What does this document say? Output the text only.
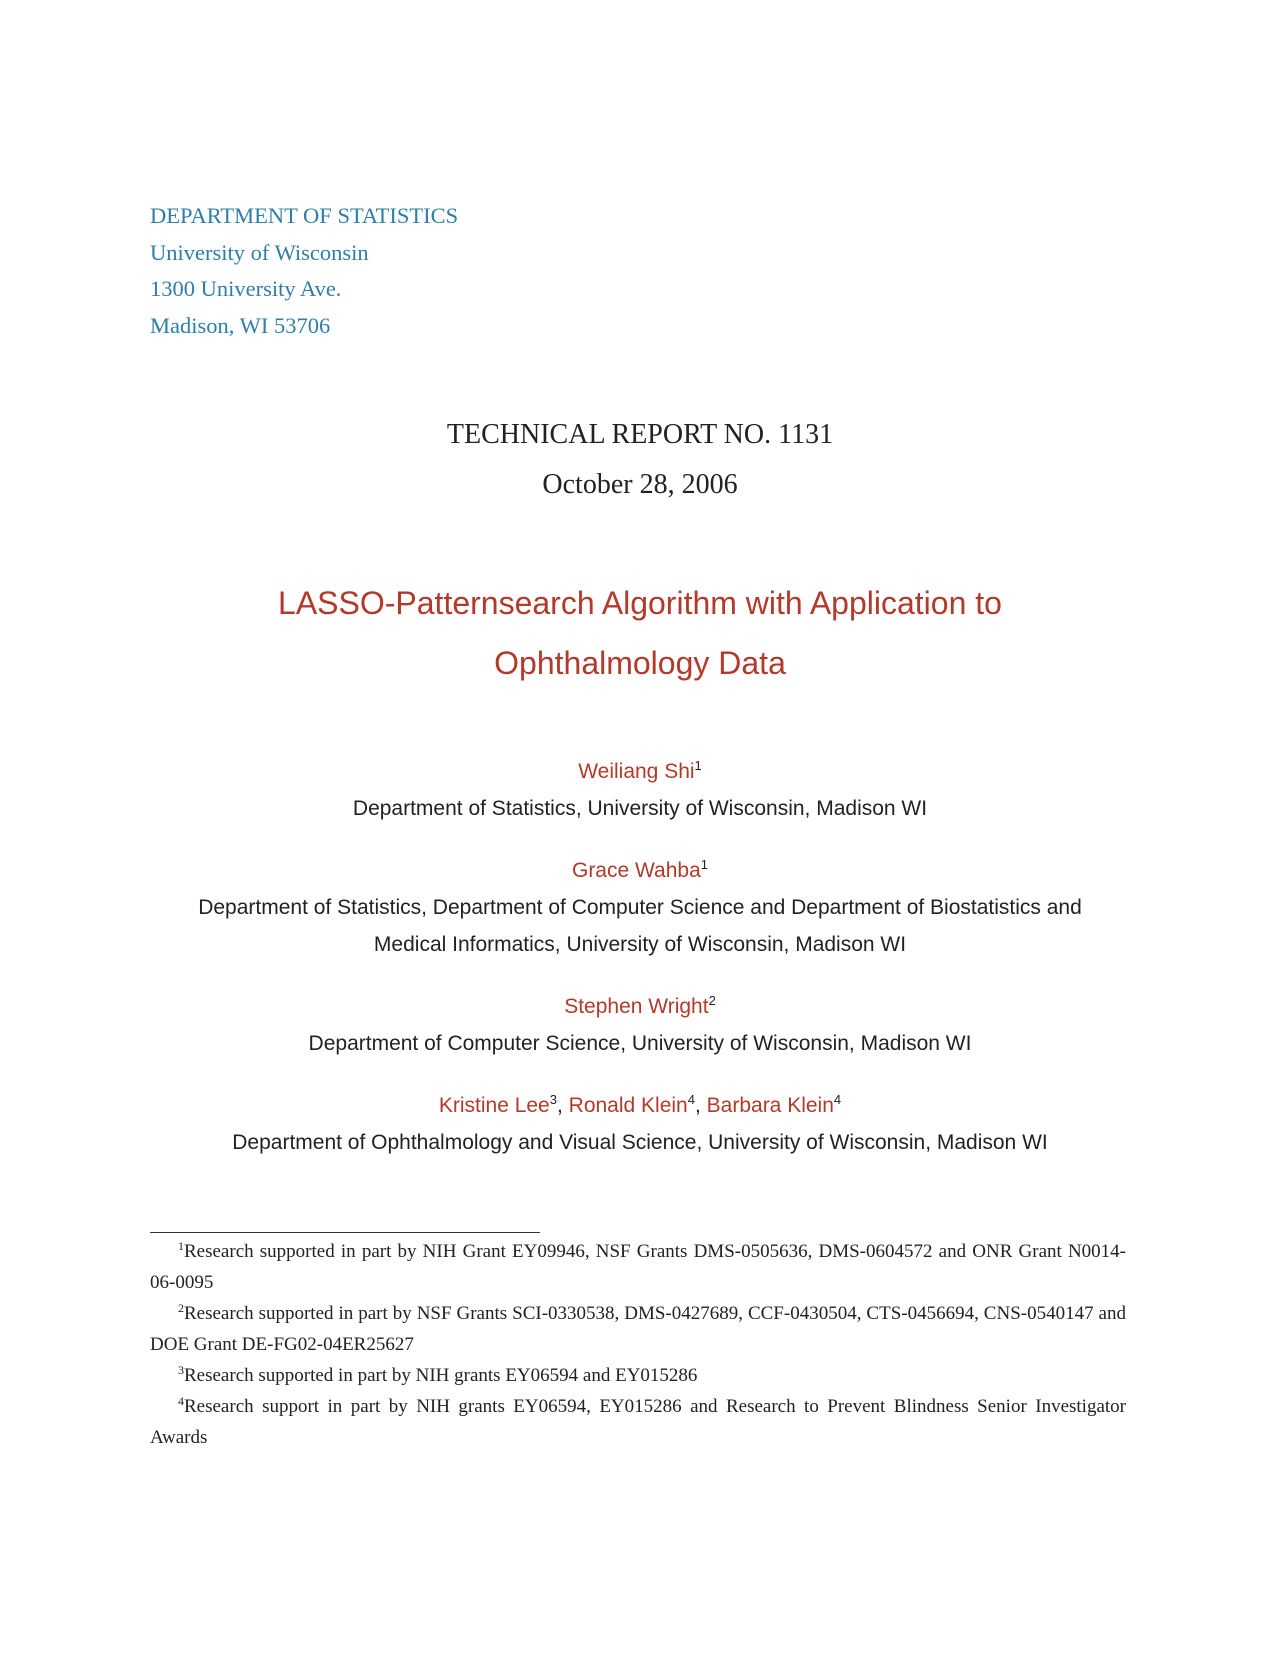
DEPARTMENT OF STATISTICS
University of Wisconsin
1300 University Ave.
Madison, WI 53706
TECHNICAL REPORT NO. 1131
October 28, 2006
LASSO-Patternsearch Algorithm with Application to
Ophthalmology Data
Weiliang Shi$^1$
Department of Statistics, University of Wisconsin, Madison WI
Grace Wahba$^1$
Department of Statistics, Department of Computer Science and Department of Biostatistics and
Medical Informatics, University of Wisconsin, Madison WI
Stephen Wright$^2$
Department of Computer Science, University of Wisconsin, Madison WI
Kristine Lee$^3$, Ronald Klein$^4$, Barbara Klein$^4$
Department of Ophthalmology and Visual Science, University of Wisconsin, Madison WI

$^1$Research supported in part by NIH Grant EY09946, NSF Grants DMS-0505636, DMS-0604572 and ONR Grant N0014-06-0095

$^2$Research supported in part by NSF Grants SCI-0330538, DMS-0427689, CCF-0430504, CTS-0456694, CNS-0540147 and DOE Grant DE-FG02-04ER25627

$^3$Research supported in part by NIH grants EY06594 and EY015286

$^4$Research support in part by NIH grants EY06594, EY015286 and Research to Prevent Blindness Senior Investigator Awards
